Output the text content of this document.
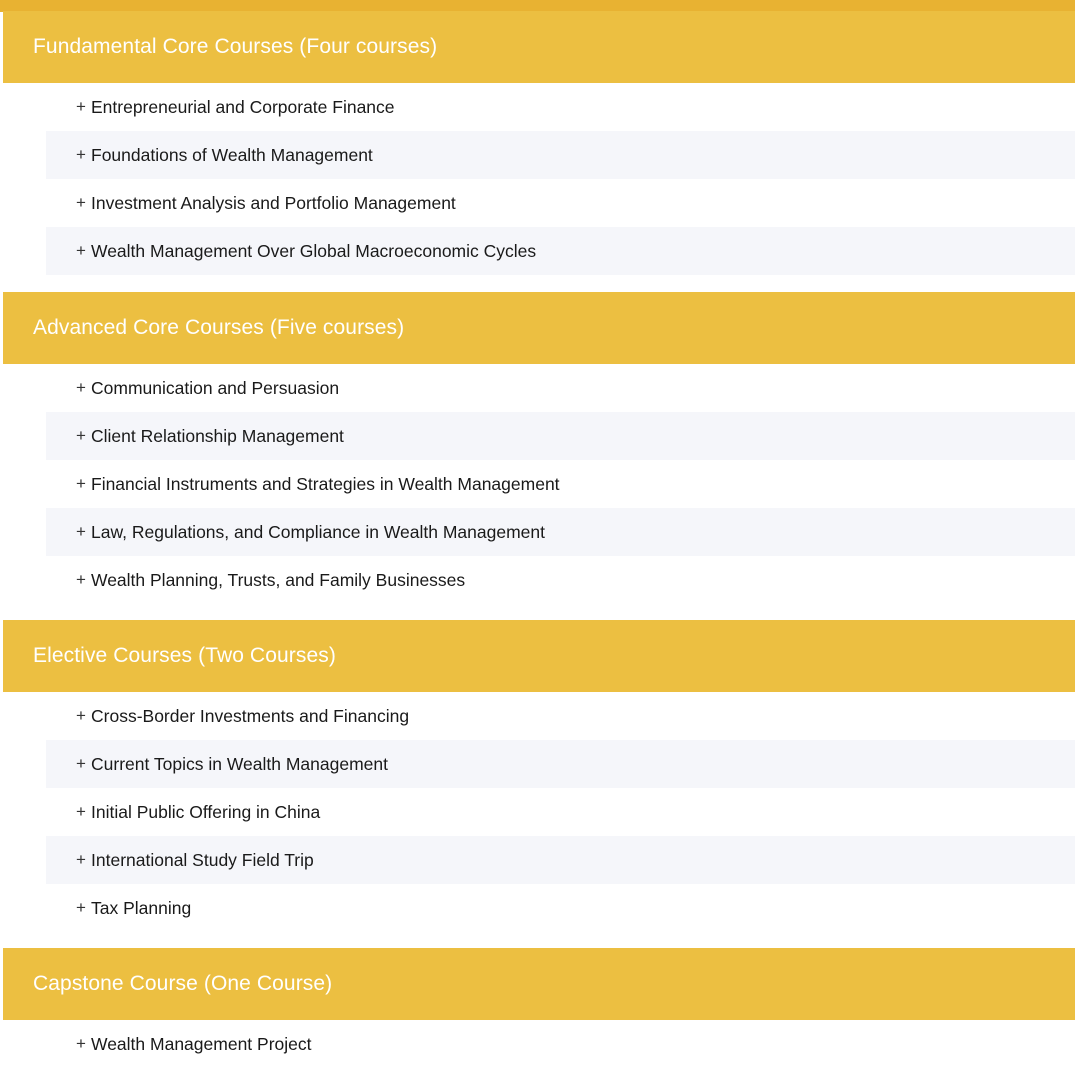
Fundamental Core Courses (Four courses)
+ Entrepreneurial and Corporate Finance
+ Foundations of Wealth Management
+ Investment Analysis and Portfolio Management
+ Wealth Management Over Global Macroeconomic Cycles
Advanced Core Courses (Five courses)
+ Communication and Persuasion
+ Client Relationship Management
+ Financial Instruments and Strategies in Wealth Management
+ Law, Regulations, and Compliance in Wealth Management
+ Wealth Planning, Trusts, and Family Businesses
Elective Courses (Two Courses)
+ Cross-Border Investments and Financing
+ Current Topics in Wealth Management
+ Initial Public Offering in China
+ International Study Field Trip
+ Tax Planning
Capstone Course (One Course)
+ Wealth Management Project
